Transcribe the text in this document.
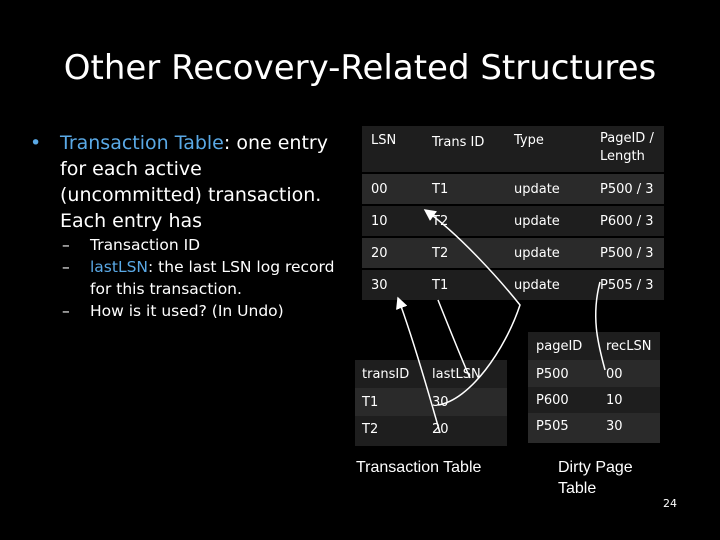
Other Recovery-Related Structures
• Transaction Table: one entry for each active (uncommitted) transaction. Each entry has
– Transaction ID
– lastLSN: the last LSN log record for this transaction.
– How is it used? (In Undo)
LSN	Trans ID	Type	PageID / Length
00	T1	update	P500 / 3
10	T2	update	P600 / 3
20	T2	update	P500 / 3
30	T1	update	P505 / 3
transID lastLSN
T1	30
T2	20
Transaction Table
pageID recLSN
P500	00
P600	10
P505	30
Dirty Page Table
24
